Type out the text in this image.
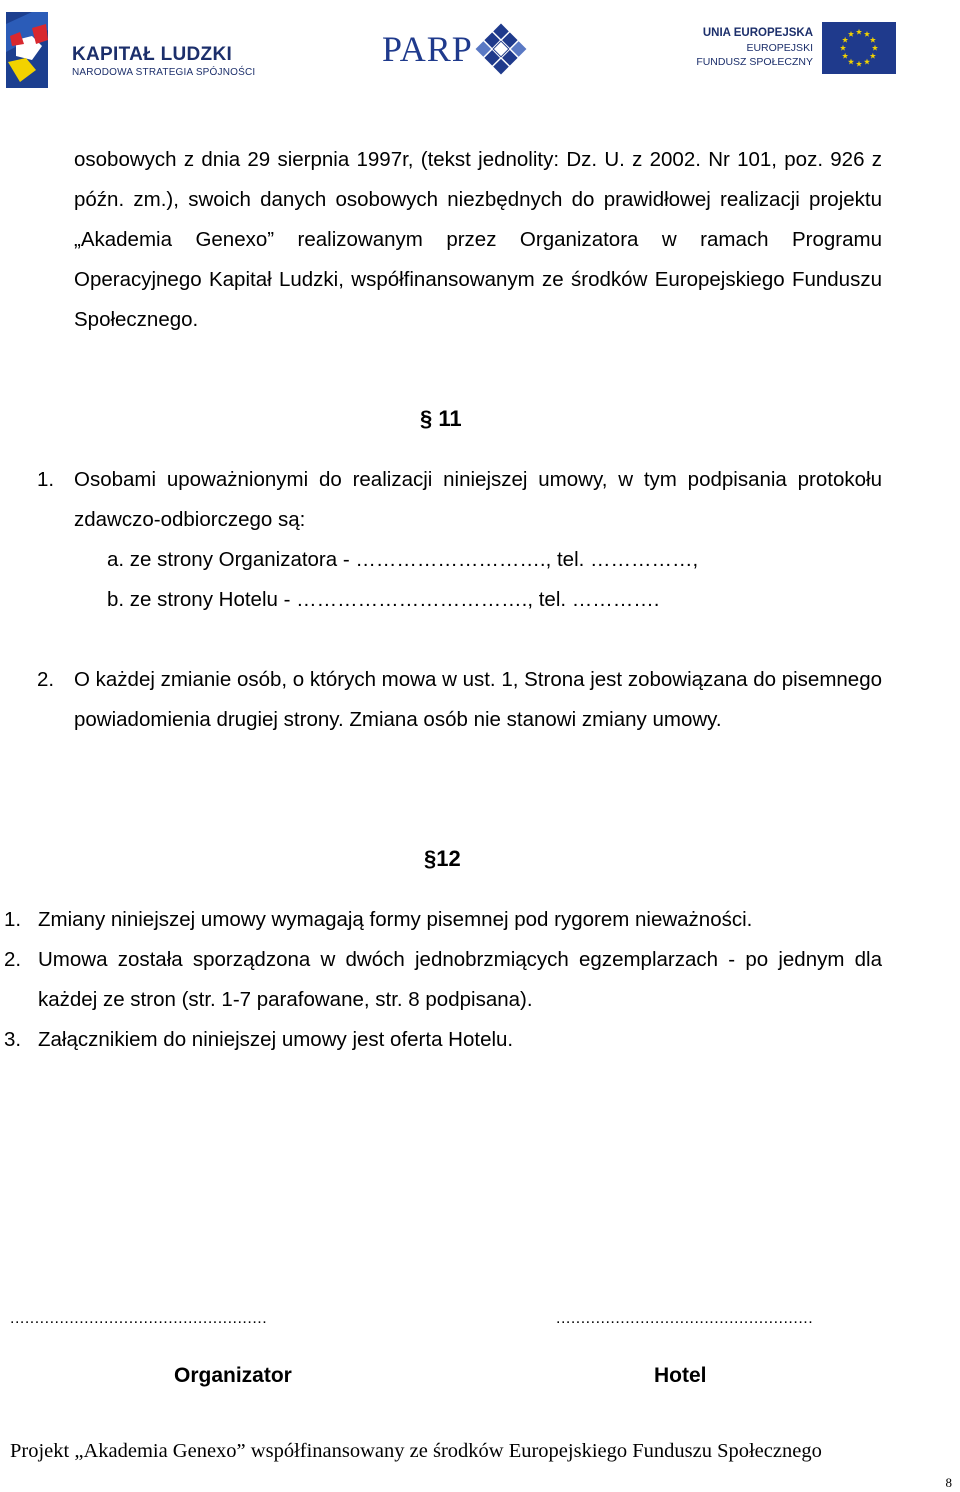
KAPITAŁ LUDZKI
NARODOWA STRATEGIA SPÓJNOŚCI
PARP	UNIA EUROPEJSKA
EUROPEJSKI
FUNDUSZ SPOŁECZNY
osobowych z dnia 29 sierpnia 1997r, (tekst jednolity: Dz. U. z 2002. Nr 101, poz. 926 z późn. zm.), swoich danych osobowych niezbędnych do prawidłowej realizacji projektu „Akademia Genexo” realizowanym przez Organizatora w ramach Programu Operacyjnego Kapitał Ludzki, współfinansowanym ze środków Europejskiego Funduszu Społecznego.
§ 11
1. Osobami upoważnionymi do realizacji niniejszej umowy, w tym podpisania protokołu zdawczo-odbiorczego są:
a. ze strony Organizatora - ………………………., tel. ……………,
b. ze strony Hotelu - ……………………………., tel. ………….
2. O każdej zmianie osób, o których mowa w ust. 1, Strona jest zobowiązana do pisemnego powiadomienia drugiej strony. Zmiana osób nie stanowi zmiany umowy.
§12
1. Zmiany niniejszej umowy wymagają formy pisemnej pod rygorem nieważności.
2. Umowa została sporządzona w dwóch jednobrzmiących egzemplarzach - po jednym dla każdej ze stron (str. 1-7 parafowane, str. 8 podpisana).
3. Załącznikiem do niniejszej umowy jest oferta Hotelu.
....................................................	....................................................
Organizator	Hotel
Projekt „Akademia Genexo” współfinansowany ze środków Europejskiego Funduszu Społecznego
8
